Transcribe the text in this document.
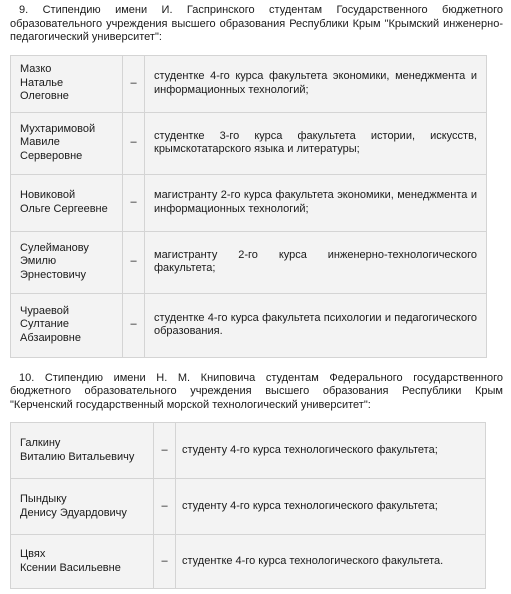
9. Стипендию имени И. Гаспринского студентам Государственного бюджетного образовательного учреждения высшего образования Республики Крым "Крымский инженерно-педагогический университет":

Мазко
Наталье Олеговне	–	студентке 4-го курса факультета экономики, менеджмента и информационных технологий;
Мухтаримовой
Мавиле
Серверовне	–	студентке 3-го курса факультета истории, искусств, крымскотатарского языка и литературы;
Новиковой
Ольге Сергеевне	–	магистранту 2-го курса факультета экономики, менеджмента и информационных технологий;
Сулейманову
Эмилю
Эрнестовичу	–	магистранту 2-го курса инженерно-технологического факультета;
Чураевой
Султание
Абзаировне	–	студентке 4-го курса факультета психологии и педагогического образования.

10. Стипендию имени Н. М. Книповича студентам Федерального государственного бюджетного образовательного учреждения высшего образования Республики Крым "Керченский государственный морской технологический университет":

Галкину
Виталию Витальевичу	–	студенту 4-го курса технологического факультета;
Пындыку
Денису Эдуардовичу	–	студенту 4-го курса технологического факультета;
Цвях
Ксении Васильевне	–	студентке 4-го курса технологического факультета.
